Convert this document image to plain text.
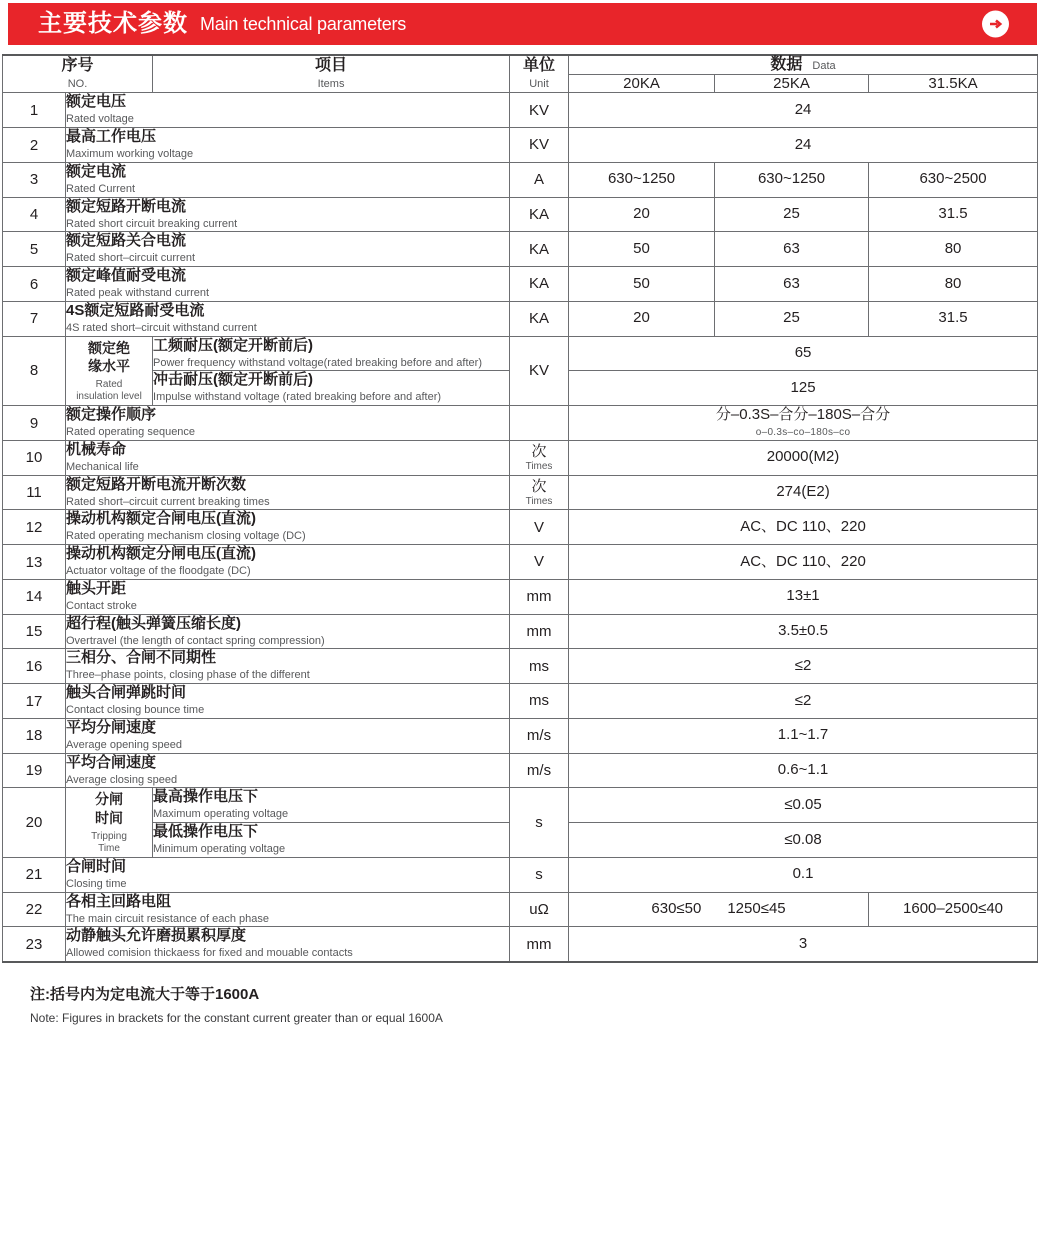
主要技术参数 Main technical parameters
序号
NO.		项目
Items	单位
Unit	数据 Data		

				20KA	25KA	31.5KA
1	额定电压
Rated voltage		KV	24		
2	最高工作电压
Maximum working voltage		KV	24		
3	额定电流
Rated Current		A	630~1250	630~1250	630~2500
4	额定短路开断电流
Rated short circuit breaking current		KA	20	25	31.5
5	额定短路关合电流
Rated short–circuit current		KA	50	63	80
6	额定峰值耐受电流
Rated peak withstand current		KA	50	63	80
7	4S额定短路耐受电流
4S rated short–circuit withstand current		KA	20	25	31.5
8	额定绝
缘水平
Rated
insulation level	工频耐压(额定开断前后)
Power frequency withstand voltage(rated breaking before and after)	KV	65		

		冲击耐压(额定开断前后)
Impulse withstand voltage (rated breaking before and after)		125		
9	额定操作顺序
Rated operating sequence			分–0.3S–合分–180S–合分
o–0.3s–co–180s–co		

10	机械寿命
Mechanical life		次
Times	20000(M2)		
11	额定短路开断电流开断次数
Rated short–circuit current breaking times		次
Times	274(E2)		
12	操动机构额定合闸电压(直流)
Rated operating mechanism closing voltage (DC)		V	AC、DC 110、220		
13	操动机构额定分闸电压(直流)
Actuator voltage of the floodgate (DC)		V	AC、DC 110、220		
14	触头开距
Contact stroke		mm	13±1		
15	超行程(触头弹簧压缩长度)
Overtravel (the length of contact spring compression)		mm	3.5±0.5		
16	三相分、合闸不同期性
Three–phase points, closing phase of the different		ms	≤2		
17	触头合闸弹跳时间
Contact closing bounce time		ms	≤2		
18	平均分闸速度
Average opening speed		m/s	1.1~1.7		
19	平均合闸速度
Average closing speed		m/s	0.6~1.1		
20	分闸
时间
Tripping
Time	最高操作电压下
Maximum operating voltage	s	≤0.05		

		最低操作电压下
Minimum operating voltage		≤0.08		
21	合闸时间
Closing time		s	0.1		
22	各相主回路电阻
The main circuit resistance of each phase		uΩ	630≤50 1250≤45		1600–2500≤40
23	动静触头允许磨损累积厚度
Allowed comision thickaess for fixed and mouable contacts		mm	3		
注:括号内为定电流大于等于1600A
Note: Figures in brackets for the constant current greater than or equal 1600A
